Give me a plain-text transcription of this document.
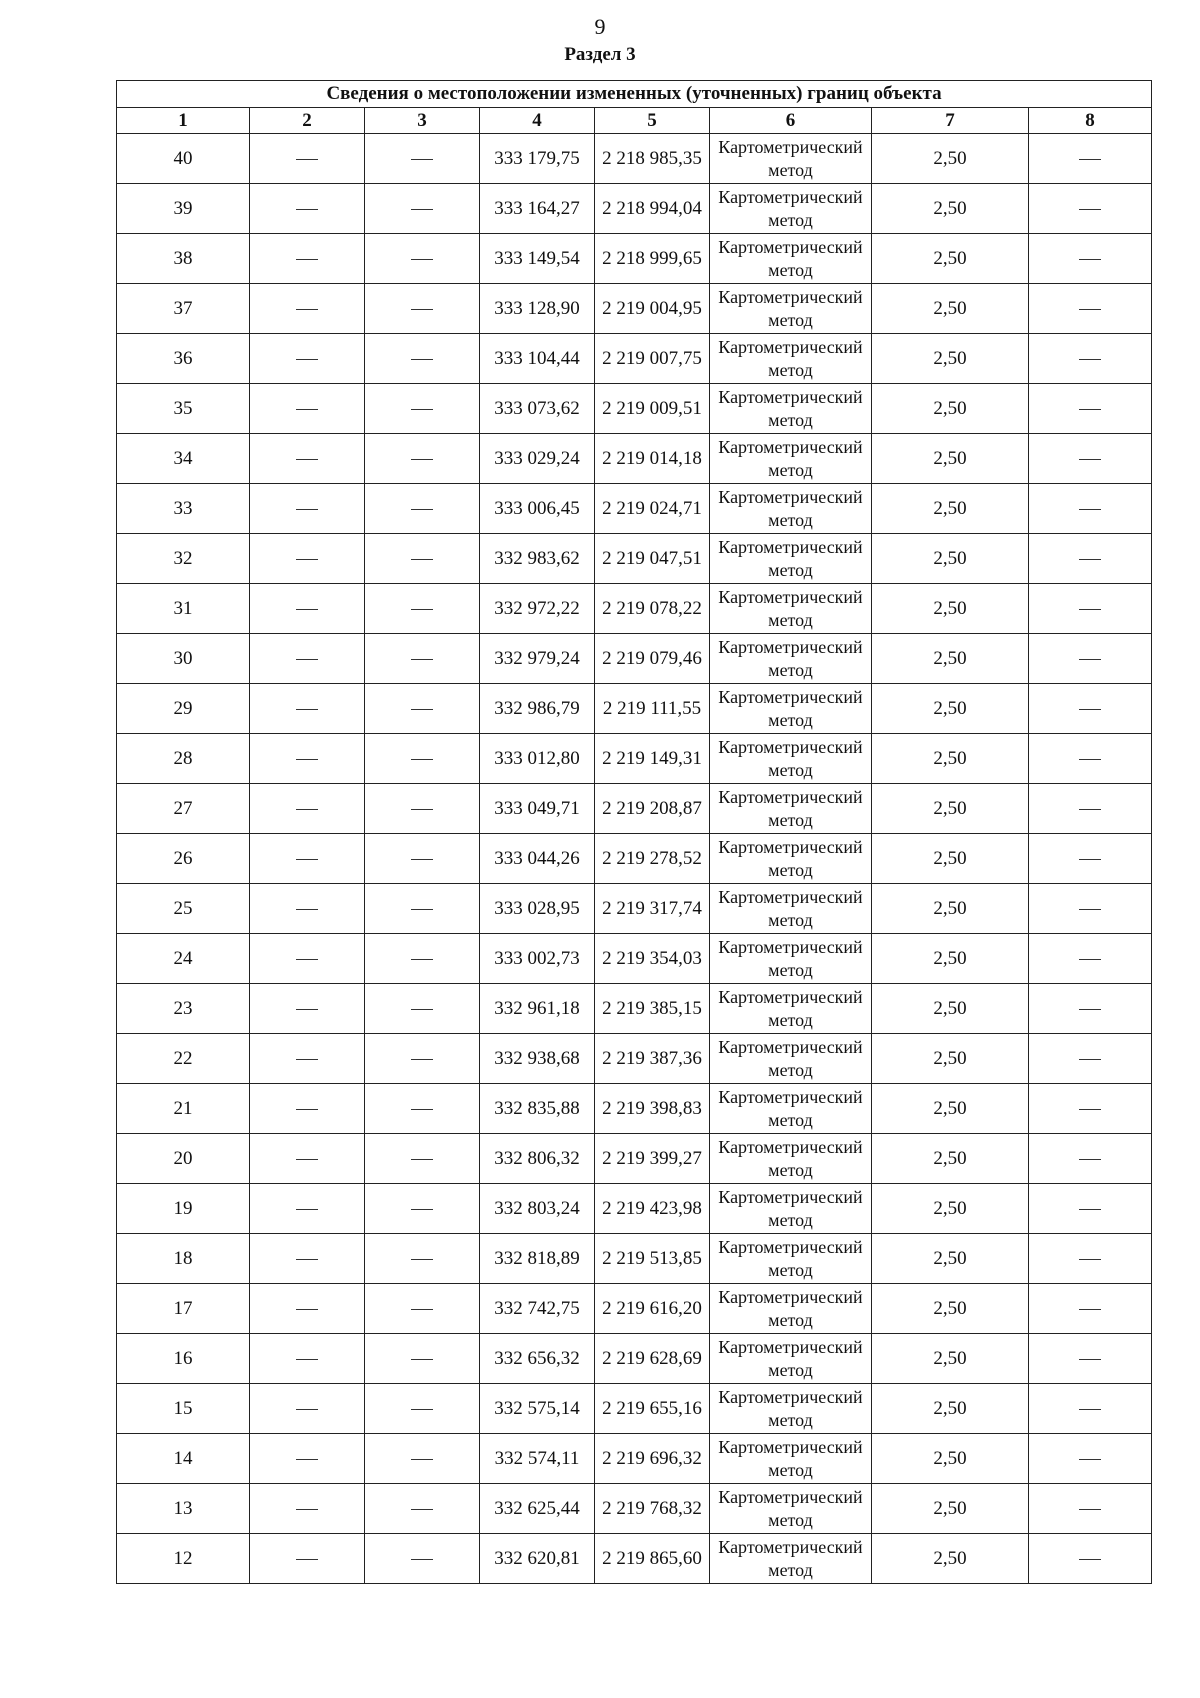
9
Раздел 3
Сведения о местоположении измененных (уточненных) границ объекта							
1	2	3	4	5	6	7	8
40			333 179,75	2 218 985,35	Картометрический метод	2,50	
39			333 164,27	2 218 994,04	Картометрический метод	2,50	
38			333 149,54	2 218 999,65	Картометрический метод	2,50	
37			333 128,90	2 219 004,95	Картометрический метод	2,50	
36			333 104,44	2 219 007,75	Картометрический метод	2,50	
35			333 073,62	2 219 009,51	Картометрический метод	2,50	
34			333 029,24	2 219 014,18	Картометрический метод	2,50	
33			333 006,45	2 219 024,71	Картометрический метод	2,50	
32			332 983,62	2 219 047,51	Картометрический метод	2,50	
31			332 972,22	2 219 078,22	Картометрический метод	2,50	
30			332 979,24	2 219 079,46	Картометрический метод	2,50	
29			332 986,79	2 219 111,55	Картометрический метод	2,50	
28			333 012,80	2 219 149,31	Картометрический метод	2,50	
27			333 049,71	2 219 208,87	Картометрический метод	2,50	
26			333 044,26	2 219 278,52	Картометрический метод	2,50	
25			333 028,95	2 219 317,74	Картометрический метод	2,50	
24			333 002,73	2 219 354,03	Картометрический метод	2,50	
23			332 961,18	2 219 385,15	Картометрический метод	2,50	
22			332 938,68	2 219 387,36	Картометрический метод	2,50	
21			332 835,88	2 219 398,83	Картометрический метод	2,50	
20			332 806,32	2 219 399,27	Картометрический метод	2,50	
19			332 803,24	2 219 423,98	Картометрический метод	2,50	
18			332 818,89	2 219 513,85	Картометрический метод	2,50	
17			332 742,75	2 219 616,20	Картометрический метод	2,50	
16			332 656,32	2 219 628,69	Картометрический метод	2,50	
15			332 575,14	2 219 655,16	Картометрический метод	2,50	
14			332 574,11	2 219 696,32	Картометрический метод	2,50	
13			332 625,44	2 219 768,32	Картометрический метод	2,50	
12			332 620,81	2 219 865,60	Картометрический метод	2,50	
